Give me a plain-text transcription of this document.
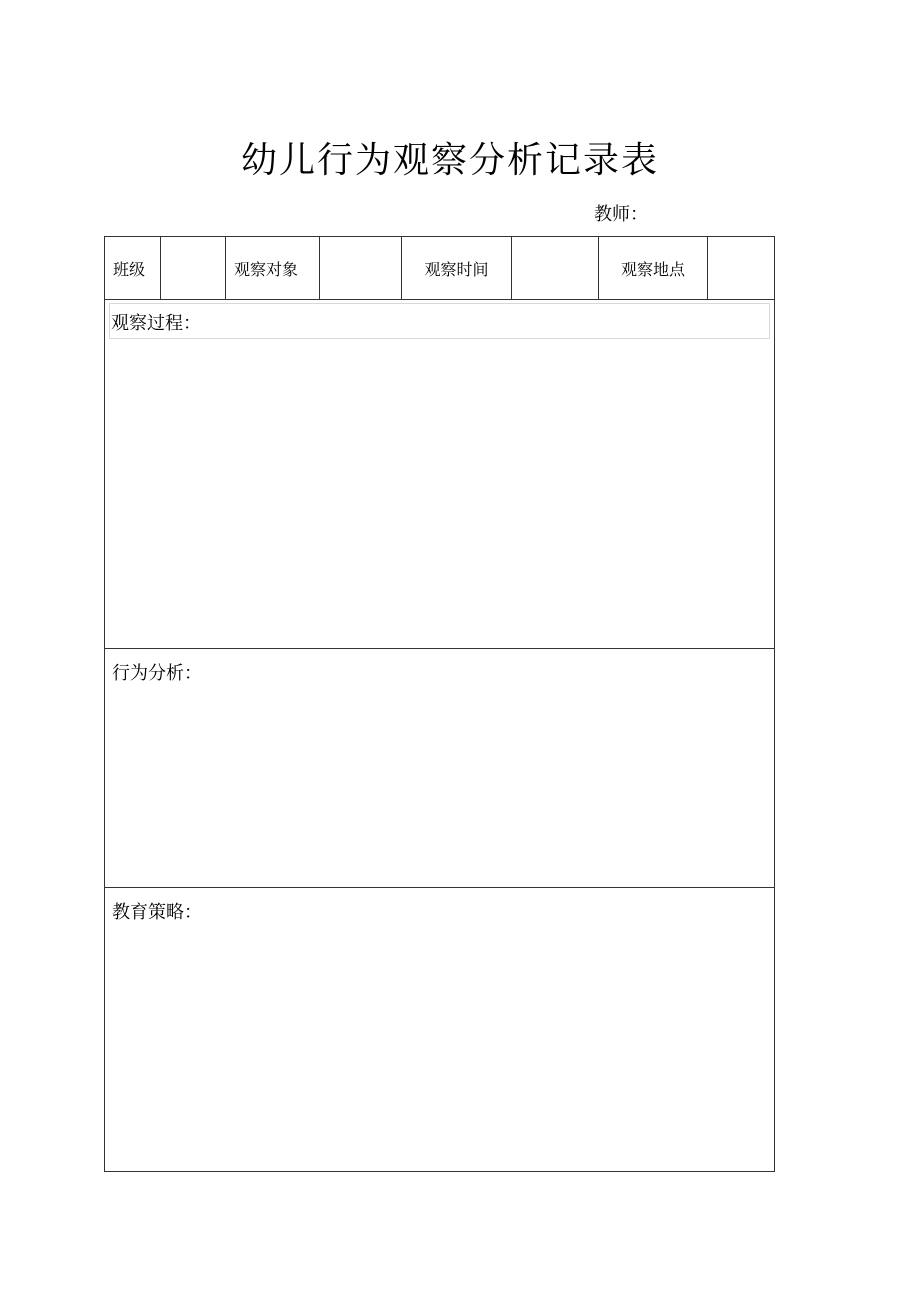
幼儿行为观察分析记录表
教师：
班级		观察对象		观察时间		观察地点	

观察过程：

行为分析：

教育策略：
